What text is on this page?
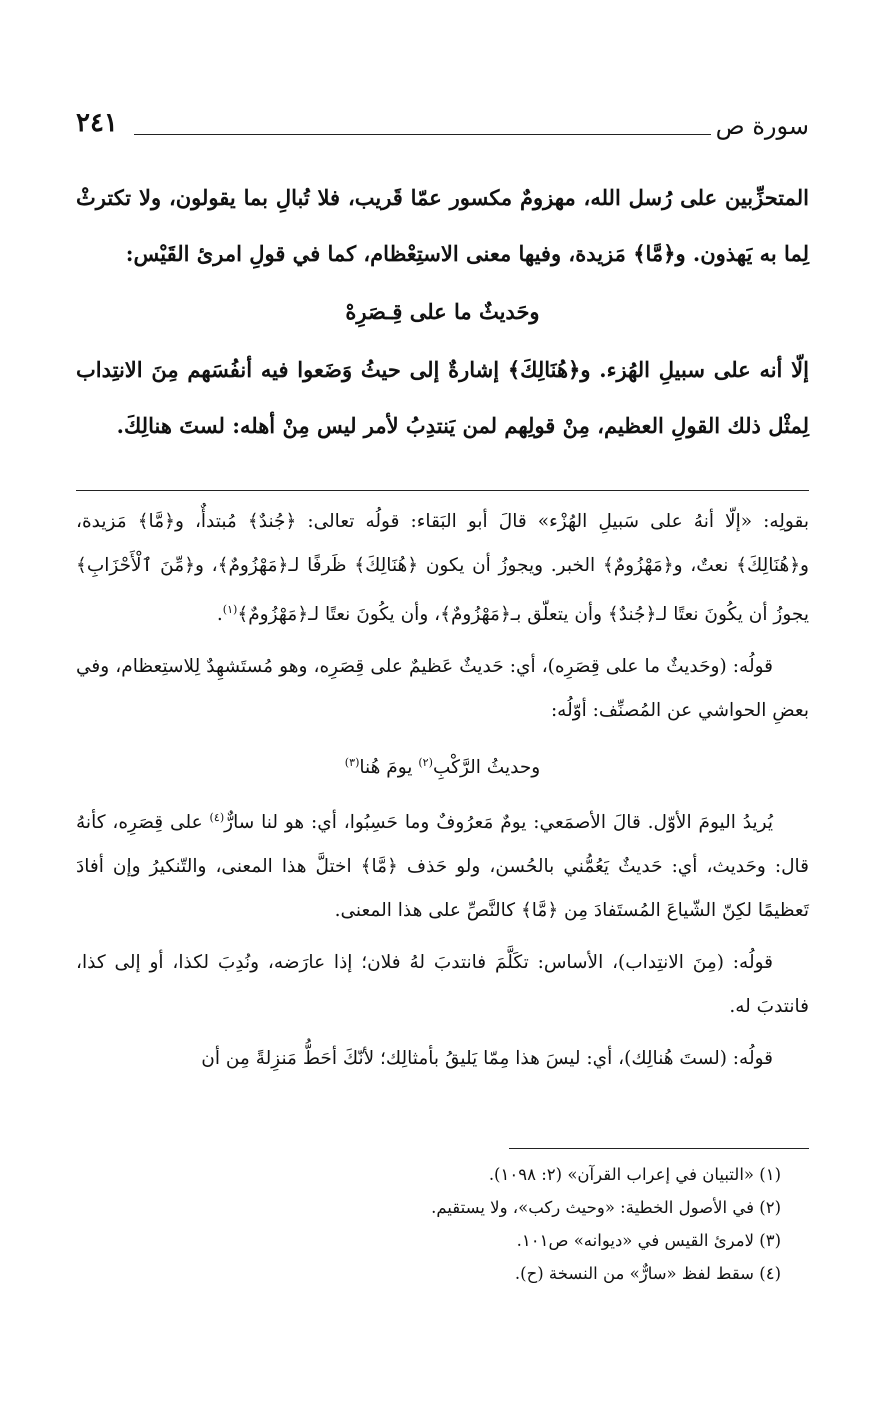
سورة ص
٢٤١
المتحزِّبين على رُسل الله، مهزومٌ مكسور عمّا قَريب، فلا تُبالِ بما يقولون، ولا تكترثْ لِما به يَهذون. و﴿مَّا﴾ مَزيدة، وفيها معنى الاستِعْظام، كما في قولِ امرئ القَيْس:
وحَديثٌ ما على قِـصَرِهْ
إلّا أنه على سبيلِ الهُزء. و﴿هُنَالِكَ﴾ إشارةٌ إلى حيثُ وَضَعوا فيه أنفُسَهم مِنَ الانتِداب لِمثْل ذلك القولِ العظيم، مِنْ قولِهم لمن يَنتدِبُ لأمر ليس مِنْ أهله: لستَ هنالِكَ.

بقولِه: «إلّا أنهُ على سَبيلِ الهُزْء» قالَ أبو البَقاء: قولُه تعالى: ﴿جُندٌ﴾ مُبتدأٌ، و﴿مَّا﴾ مَزيدة، و﴿هُنَالِكَ﴾ نعتٌ، و﴿مَهْزُومٌ﴾ الخبر. ويجوزُ أن يكون ﴿هُنَالِكَ﴾ ظَرفًا لـ﴿مَهْزُومٌ﴾، و﴿مِّنَ ٱلْأَحْزَابِ﴾ يجوزُ أن يكُونَ نعتًا لـ﴿جُندٌ﴾ وأن يتعلّق بـ﴿مَهْزُومٌ﴾، وأن يكُونَ نعتًا لـ﴿مَهْزُومٌ﴾$^{(١)}$.

قولُه: (وحَديثٌ ما على قِصَرِه)، أي: حَديثٌ عَظيمٌ على قِصَرِه، وهو مُستَشهِدٌ لِلاستِعظام، وفي بعضِ الحواشي عن المُصنِّف: أوّلُه:

وحديثُ الرَّكْبِ$^{(٢)}$ يومَ هُنا$^{(٣)}$

يُريدُ اليومَ الأوّل. قالَ الأصمَعي: يومٌ مَعرُوفٌ وما حَسِبُوا، أي: هو لنا سارٌّ$^{(٤)}$ على قِصَرِه، كأنهُ قال: وحَديث، أي: حَديثٌ يَعُمُّني بالحُسن، ولو حَذف ﴿مَّا﴾ اختلَّ هذا المعنى، والتّنكيرُ وإن أفادَ تَعظيمًا لكِنّ الشّياعَ المُستَفادَ مِن ﴿مَّا﴾ كالنَّصِّ على هذا المعنى.

قولُه: (مِنَ الانتِداب)، الأساس: تكَلَّمَ فانتدبَ لهُ فلان؛ إذا عارَضه، ونُدِبَ لكذا، أو إلى كذا، فانتدبَ له.

قولُه: (لستَ هُنالِك)، أي: ليسَ هذا مِمّا يَليقُ بأمثالِك؛ لأنّكَ أحَطُّ مَنزِلةً مِن أن

(١) «التبيان في إعراب القرآن» (٢: ١٠٩٨).

(٢) في الأصول الخطية: «وحيث ركب»، ولا يستقيم.

(٣) لامرئ القيس في «ديوانه» ص١٠١.

(٤) سقط لفظ «سارٌّ» من النسخة (ح).
